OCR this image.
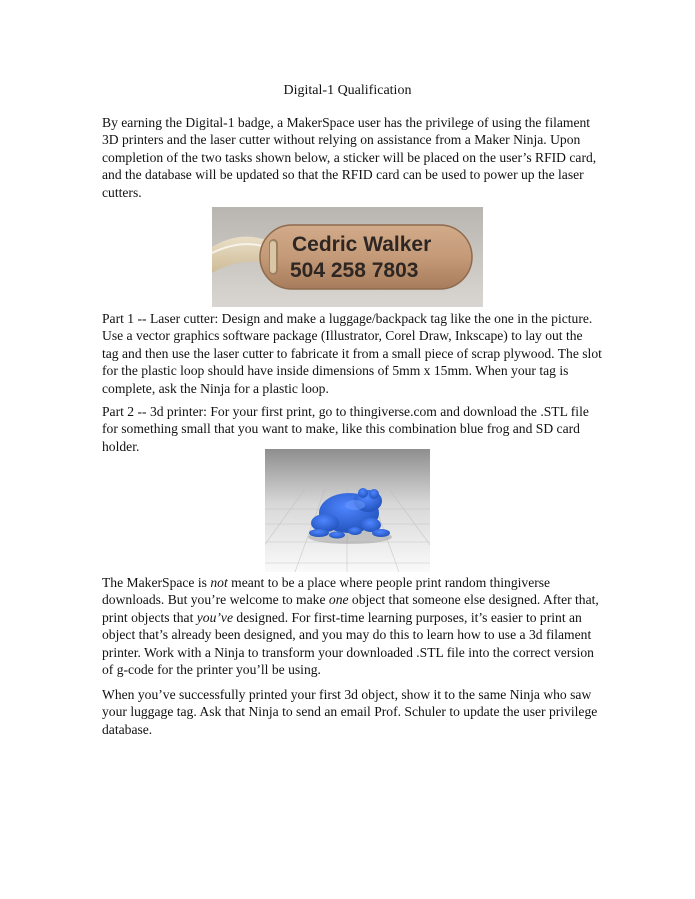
Digital-1 Qualification

By earning the Digital-1 badge, a MakerSpace user has the privilege of using the filament 3D printers and the laser cutter without relying on assistance from a Maker Ninja. Upon completion of the two tasks shown below, a sticker will be placed on the user’s RFID card, and the database will be updated so that the RFID card can be used to power up the laser cutters.

Cedric Walker
504 258 7803

Part 1 -- Laser cutter: Design and make a luggage/backpack tag like the one in the picture. Use a vector graphics software package (Illustrator, Corel Draw, Inkscape) to lay out the tag and then use the laser cutter to fabricate it from a small piece of scrap plywood. The slot for the plastic loop should have inside dimensions of 5mm x 15mm. When your tag is complete, ask the Ninja for a plastic loop.

Part 2 -- 3d printer: For your first print, go to thingiverse.com and download the .STL file for something small that you want to make, like this combination blue frog and SD card holder.

The MakerSpace is not meant to be a place where people print random thingiverse downloads. But you’re welcome to make one object that someone else designed. After that, print objects that you’ve designed. For first-time learning purposes, it’s easier to print an object that’s already been designed, and you may do this to learn how to use a 3d filament printer. Work with a Ninja to transform your downloaded .STL file into the correct version of g-code for the printer you’ll be using.

When you’ve successfully printed your first 3d object, show it to the same Ninja who saw your luggage tag. Ask that Ninja to send an email Prof. Schuler to update the user privilege database.
